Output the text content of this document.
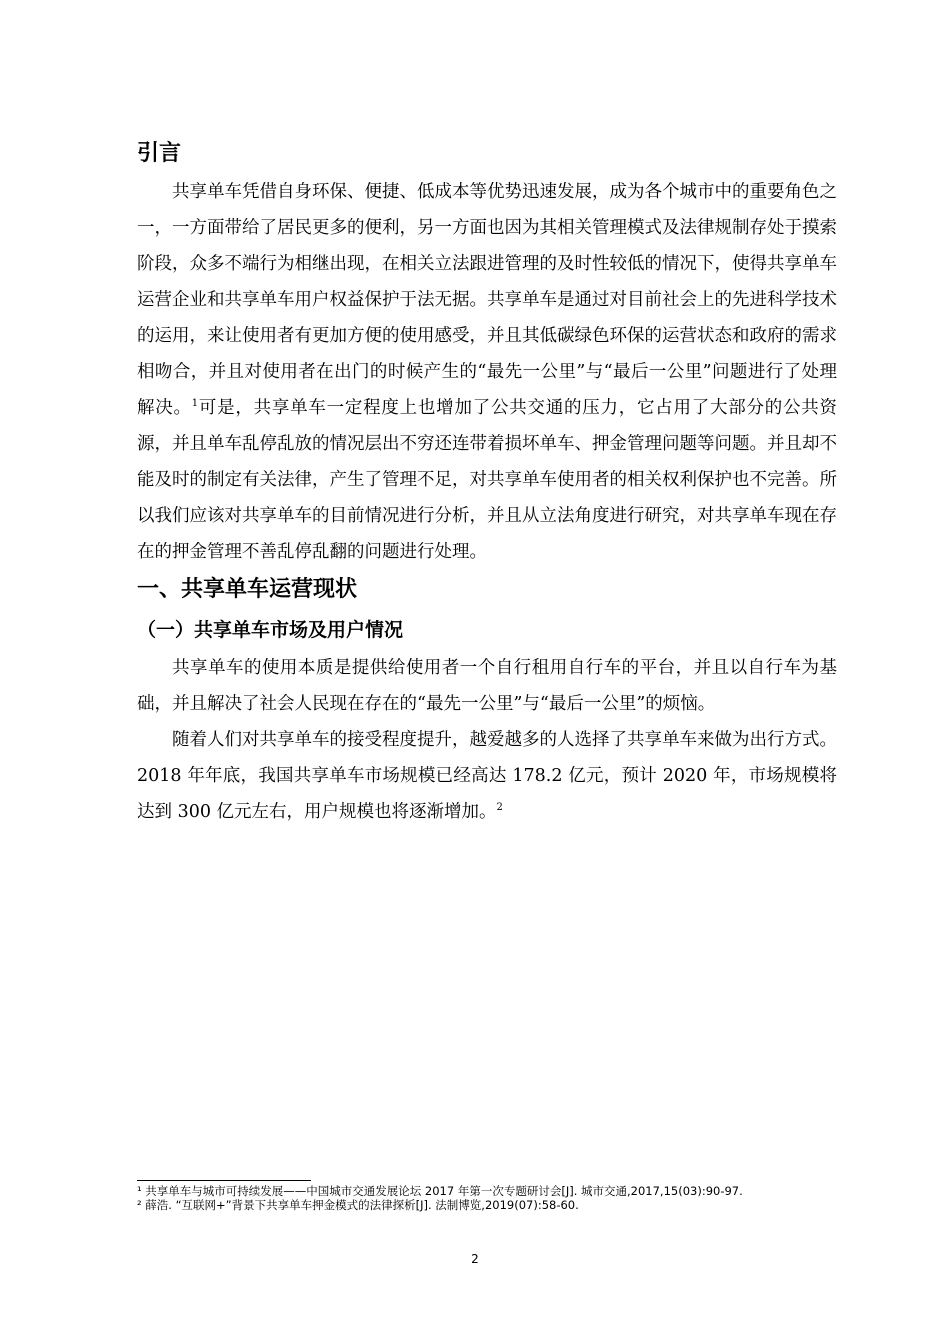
引言

共享单车凭借自身环保、便捷、低成本等优势迅速发展，成为各个城市中的重要角色之一，一方面带给了居民更多的便利，另一方面也因为其相关管理模式及法律规制存处于摸索阶段，众多不端行为相继出现，在相关立法跟进管理的及时性较低的情况下，使得共享单车运营企业和共享单车用户权益保护于法无据。共享单车是通过对目前社会上的先进科学技术的运用，来让使用者有更加方便的使用感受，并且其低碳绿色环保的运营状态和政府的需求相吻合，并且对使用者在出门的时候产生的“最先一公里”与“最后一公里”问题进行了处理解决。$^1$可是，共享单车一定程度上也增加了公共交通的压力，它占用了大部分的公共资源，并且单车乱停乱放的情况层出不穷还连带着损坏单车、押金管理问题等问题。并且却不能及时的制定有关法律，产生了管理不足，对共享单车使用者的相关权利保护也不完善。所以我们应该对共享单车的目前情况进行分析，并且从立法角度进行研究，对共享单车现在存在的押金管理不善乱停乱翻的问题进行处理。

一、共享单车运营现状
（一）共享单车市场及用户情况

共享单车的使用本质是提供给使用者一个自行租用自行车的平台，并且以自行车为基础，并且解决了社会人民现在存在的“最先一公里”与“最后一公里”的烦恼。

随着人们对共享单车的接受程度提升，越爱越多的人选择了共享单车来做为出行方式。2018 年年底，我国共享单车市场规模已经高达 178.2 亿元，预计 2020 年，市场规模将达到 300 亿元左右，用户规模也将逐渐增加。$^2$

¹ 共享单车与城市可持续发展——中国城市交通发展论坛 2017 年第一次专题研讨会[J]. 城市交通,2017,15(03):90-97.

² 薛浩. “互联网+”背景下共享单车押金模式的法律探析[J]. 法制博览,2019(07):58-60.

2
